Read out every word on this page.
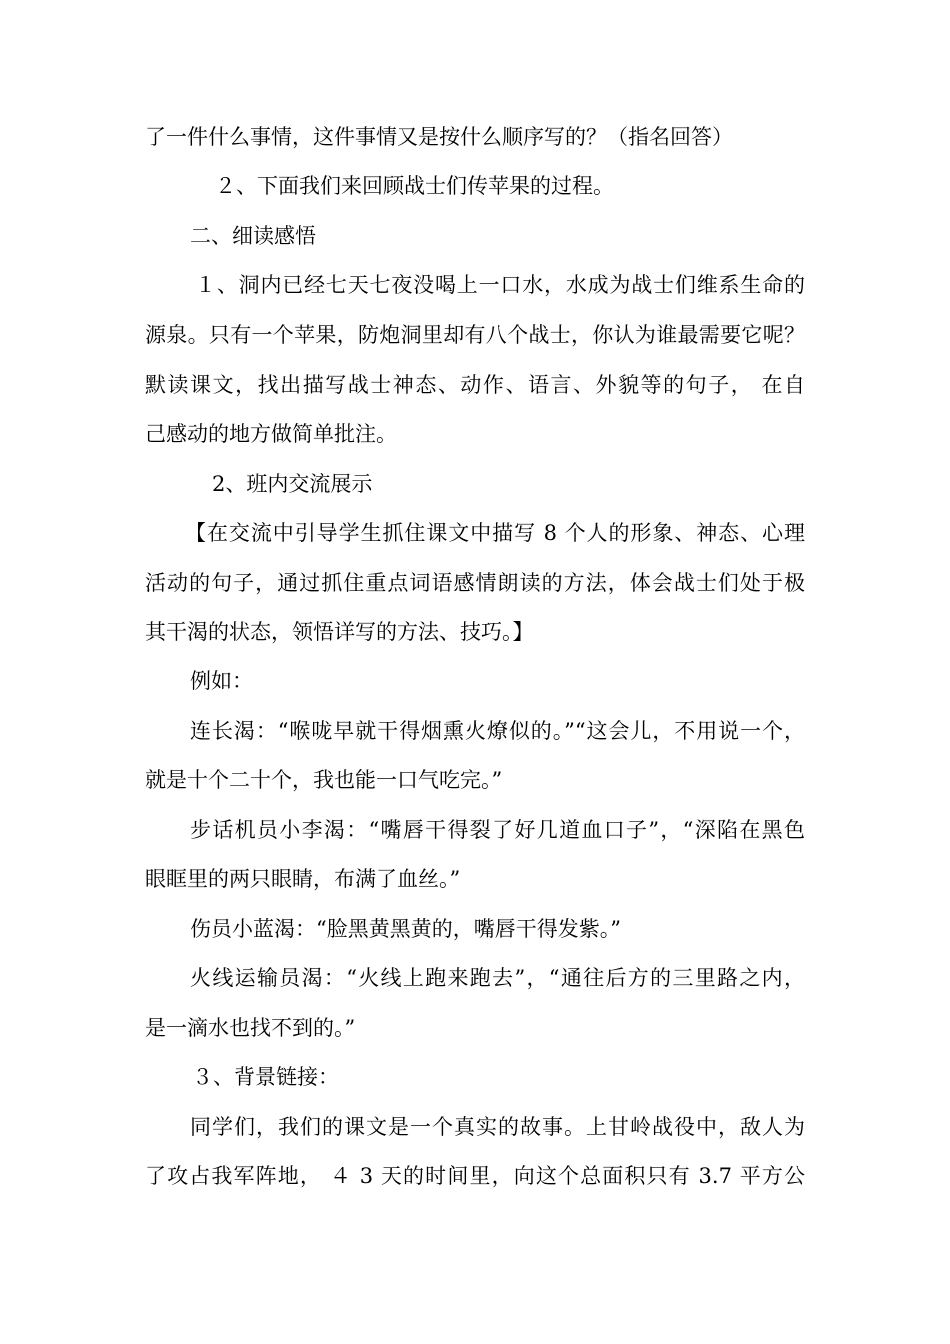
了一件什么事情，这件事情又是按什么顺序写的？（指名回答）
２、下面我们来回顾战士们传苹果的过程。
二、细读感悟
１、洞内已经七天七夜没喝上一口水，水成为战士们维系生命的
源泉。只有一个苹果，防炮洞里却有八个战士，你认为谁最需要它呢？
默读课文，找出描写战士神态、动作、语言、外貌等的句子， 在自
己感动的地方做简单批注。
2、班内交流展示
【在交流中引导学生抓住课文中描写 8 个人的形象、神态、心理
活动的句子，通过抓住重点词语感情朗读的方法，体会战士们处于极
其干渴的状态，领悟详写的方法、技巧。】
例如：
连长渴：“喉咙早就干得烟熏火燎似的。”“这会儿，不用说一个，
就是十个二十个，我也能一口气吃完。”
步话机员小李渴：“嘴唇干得裂了好几道血口子”，“深陷在黑色
眼眶里的两只眼睛，布满了血丝。”
伤员小蓝渴：“脸黑黄黑黄的，嘴唇干得发紫。”
火线运输员渴：“火线上跑来跑去”，“通往后方的三里路之内，
是一滴水也找不到的。”
３、背景链接：
同学们，我们的课文是一个真实的故事。上甘岭战役中，敌人为
了攻占我军阵地， ４ 3 天的时间里，向这个总面积只有 3.7 平方公
